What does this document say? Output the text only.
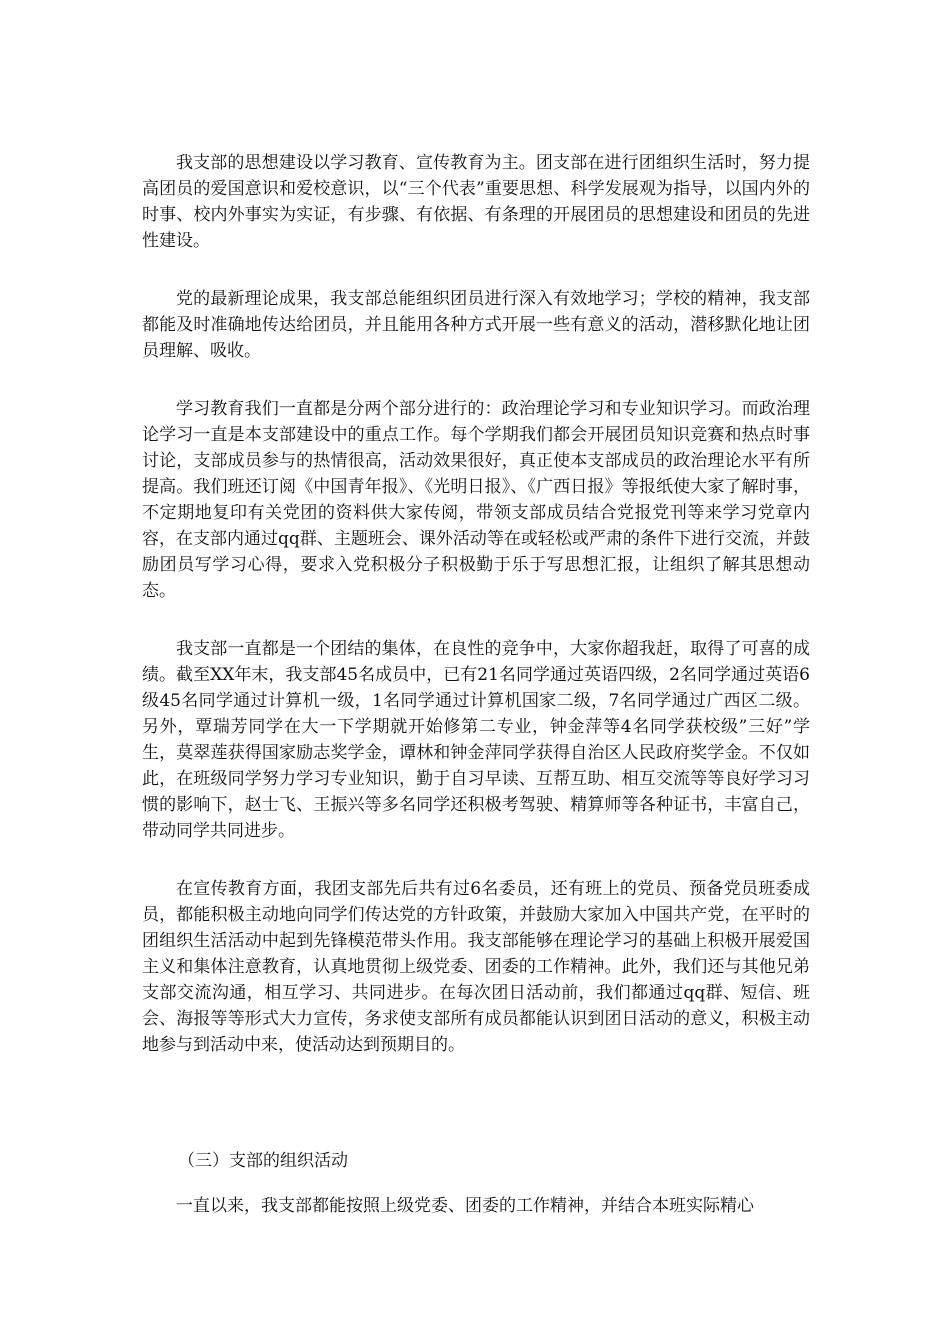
我支部的思想建设以学习教育、宣传教育为主。团支部在进行团组织生活时，努力提高团员的爱国意识和爱校意识，以“三个代表”重要思想、科学发展观为指导，以国内外的时事、校内外事实为实证，有步骤、有依据、有条理的开展团员的思想建设和团员的先进性建设。

党的最新理论成果，我支部总能组织团员进行深入有效地学习；学校的精神，我支部都能及时准确地传达给团员，并且能用各种方式开展一些有意义的活动，潜移默化地让团员理解、吸收。

学习教育我们一直都是分两个部分进行的：政治理论学习和专业知识学习。而政治理论学习一直是本支部建设中的重点工作。每个学期我们都会开展团员知识竞赛和热点时事讨论，支部成员参与的热情很高，活动效果很好，真正使本支部成员的政治理论水平有所提高。我们班还订阅《中国青年报》、《光明日报》、《广西日报》等报纸使大家了解时事，不定期地复印有关党团的资料供大家传阅，带领支部成员结合党报党刊等来学习党章内容，在支部内通过qq群、主题班会、课外活动等在或轻松或严肃的条件下进行交流，并鼓励团员写学习心得，要求入党积极分子积极勤于乐于写思想汇报，让组织了解其思想动态。

我支部一直都是一个团结的集体，在良性的竞争中，大家你超我赶，取得了可喜的成绩。截至XX年末，我支部45名成员中，已有21名同学通过英语四级，2名同学通过英语6级45名同学通过计算机一级，1名同学通过计算机国家二级，7名同学通过广西区二级。另外，覃瑞芳同学在大一下学期就开始修第二专业，钟金萍等4名同学获校级”三好”学生，莫翠莲获得国家励志奖学金，谭林和钟金萍同学获得自治区人民政府奖学金。不仅如此，在班级同学努力学习专业知识，勤于自习早读、互帮互助、相互交流等等良好学习习惯的影响下，赵士飞、王振兴等多名同学还积极考驾驶、精算师等各种证书，丰富自己，带动同学共同进步。

在宣传教育方面，我团支部先后共有过6名委员，还有班上的党员、预备党员班委成员，都能积极主动地向同学们传达党的方针政策，并鼓励大家加入中国共产党，在平时的团组织生活活动中起到先锋模范带头作用。我支部能够在理论学习的基础上积极开展爱国主义和集体注意教育，认真地贯彻上级党委、团委的工作精神。此外，我们还与其他兄弟支部交流沟通，相互学习、共同进步。在每次团日活动前，我们都通过qq群、短信、班会、海报等等形式大力宣传，务求使支部所有成员都能认识到团日活动的意义，积极主动地参与到活动中来，使活动达到预期目的。

（三）支部的组织活动

一直以来，我支部都能按照上级党委、团委的工作精神，并结合本班实际精心
